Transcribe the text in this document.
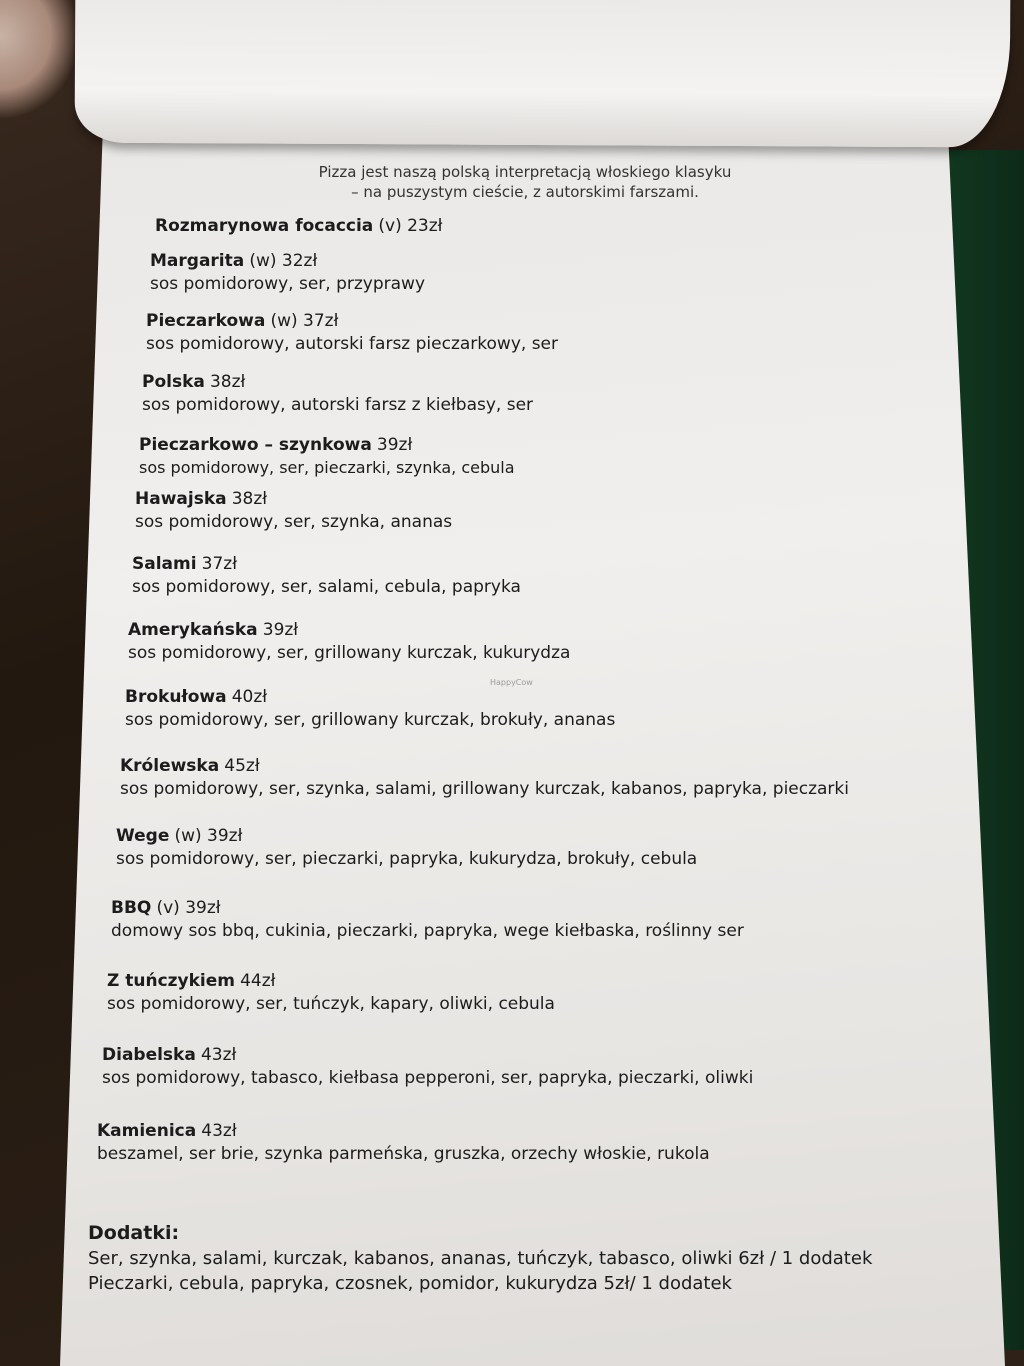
Pizza jest naszą polską interpretacją włoskiego klasyku
– na puszystym cieście, z autorskimi farszami.
Rozmarynowa focaccia (v) 23zł
Margarita (w) 32zł
sos pomidorowy, ser, przyprawy
Pieczarkowa (w) 37zł
sos pomidorowy, autorski farsz pieczarkowy, ser
Polska 38zł
sos pomidorowy, autorski farsz z kiełbasy, ser
Pieczarkowo – szynkowa 39zł
sos pomidorowy, ser, pieczarki, szynka, cebula
Hawajska 38zł
sos pomidorowy, ser, szynka, ananas
Salami 37zł
sos pomidorowy, ser, salami, cebula, papryka
Amerykańska 39zł
sos pomidorowy, ser, grillowany kurczak, kukurydza
HappyCow
Brokułowa 40zł
sos pomidorowy, ser, grillowany kurczak, brokuły, ananas
Królewska 45zł
sos pomidorowy, ser, szynka, salami, grillowany kurczak, kabanos, papryka, pieczarki
Wege (w) 39zł
sos pomidorowy, ser, pieczarki, papryka, kukurydza, brokuły, cebula
BBQ (v) 39zł
domowy sos bbq, cukinia, pieczarki, papryka, wege kiełbaska, roślinny ser
Z tuńczykiem 44zł
sos pomidorowy, ser, tuńczyk, kapary, oliwki, cebula
Diabelska 43zł
sos pomidorowy, tabasco, kiełbasa pepperoni, ser, papryka, pieczarki, oliwki
Kamienica 43zł
beszamel, ser brie, szynka parmeńska, gruszka, orzechy włoskie, rukola
Dodatki:
Ser, szynka, salami, kurczak, kabanos, ananas, tuńczyk, tabasco, oliwki 6zł / 1 dodatek
Pieczarki, cebula, papryka, czosnek, pomidor, kukurydza 5zł/ 1 dodatek
